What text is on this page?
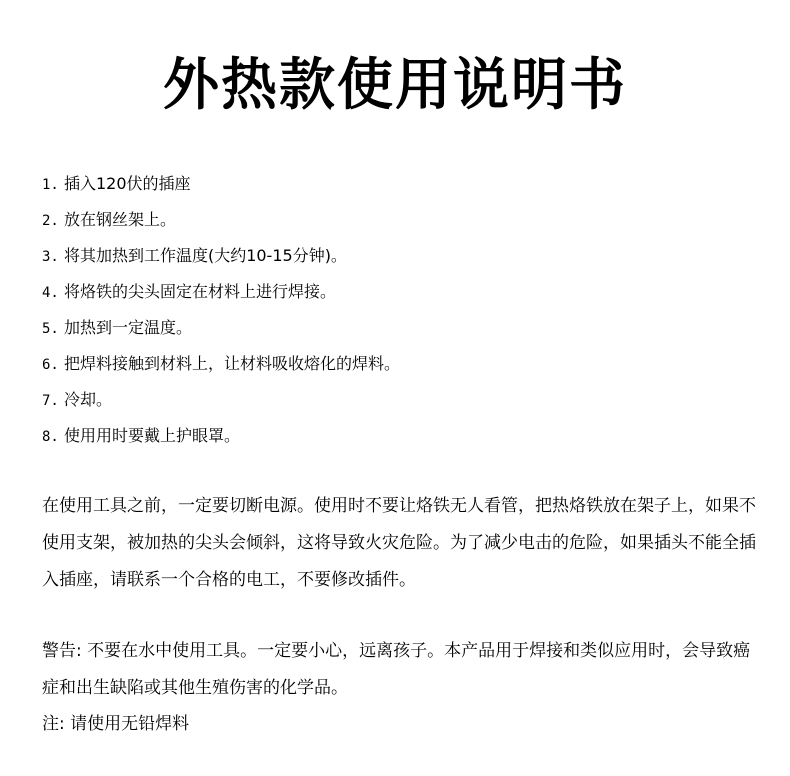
外热款使用说明书
1. 插入120伏的插座
2. 放在钢丝架上。
3. 将其加热到工作温度(大约10-15分钟)。
4. 将烙铁的尖头固定在材料上进行焊接。
5. 加热到一定温度。
6. 把焊料接触到材料上，让材料吸收熔化的焊料。
7. 冷却。
8. 使用用时要戴上护眼罩。

在使用工具之前，一定要切断电源。使用时不要让烙铁无人看管，把热烙铁放在架子上，如果不使用支架，被加热的尖头会倾斜，这将导致火灾危险。为了减少电击的危险，如果插头不能全插入插座，请联系一个合格的电工，不要修改插件。

警告: 不要在水中使用工具。一定要小心，远离孩子。本产品用于焊接和类似应用时，会导致癌症和出生缺陷或其他生殖伤害的化学品。

注: 请使用无铅焊料
